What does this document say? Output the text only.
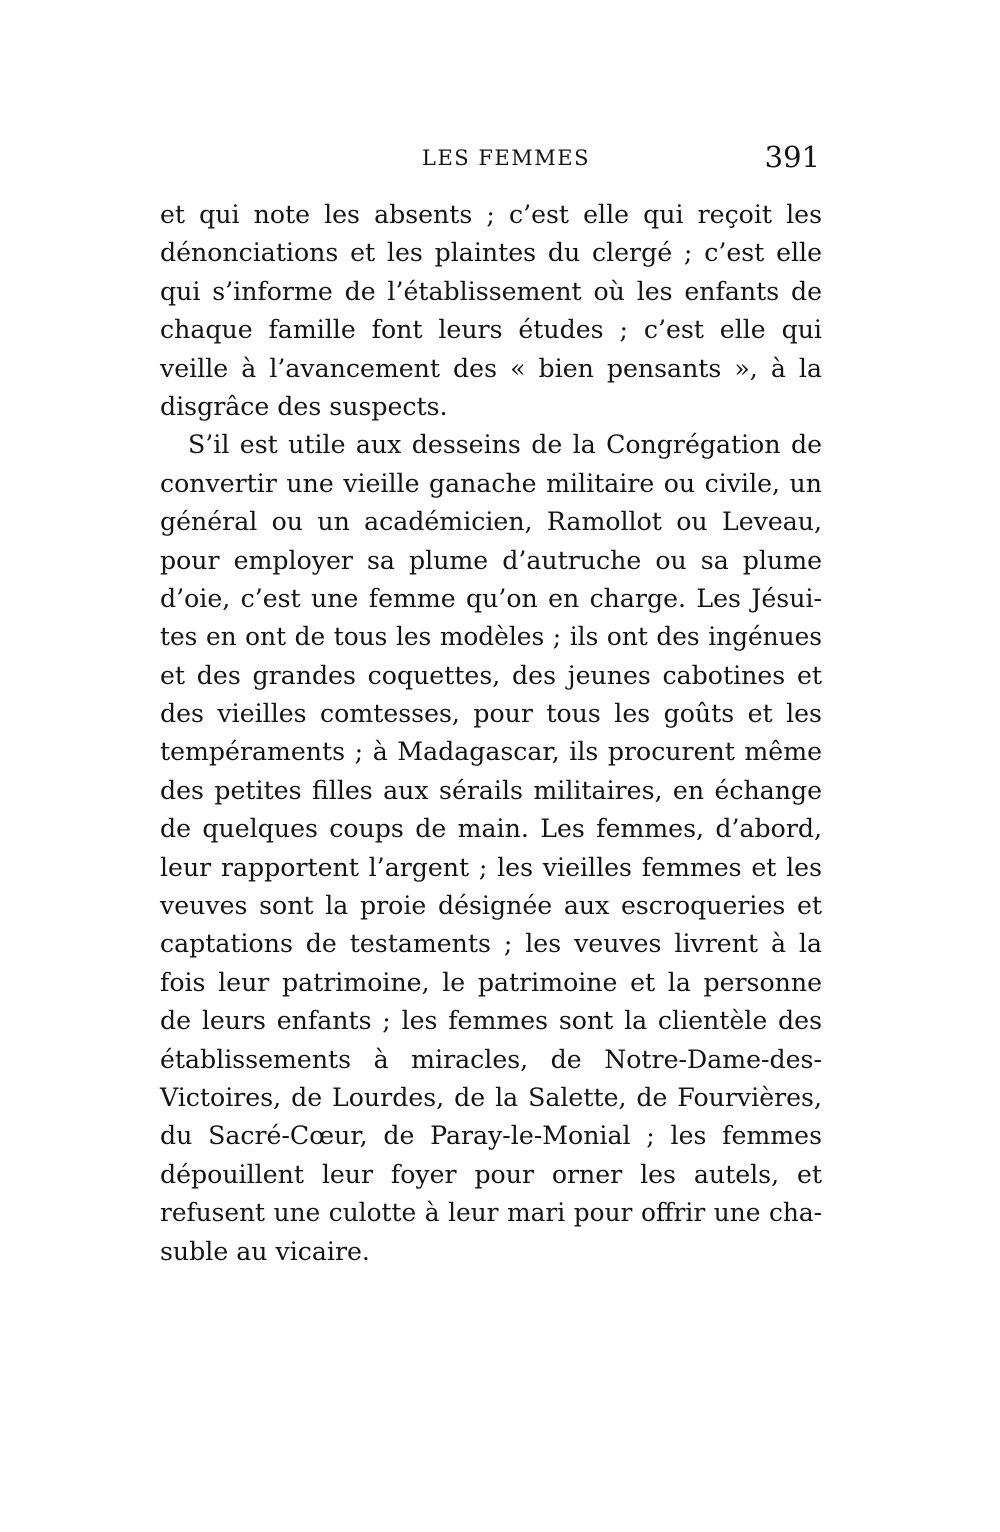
LES FEMMES	391
et qui note les absents ; c’est elle qui reçoit les
dénonciations et les plaintes du clergé ; c’est elle
qui s’informe de l’établissement où les enfants de
chaque famille font leurs études ; c’est elle qui
veille à l’avancement des « bien pensants », à la
disgrâce des suspects.
S’il est utile aux desseins de la Congrégation de
convertir une vieille ganache militaire ou civile, un
général ou un académicien, Ramollot ou Leveau,
pour employer sa plume d’autruche ou sa plume
d’oie, c’est une femme qu’on en charge. Les Jésui-
tes en ont de tous les modèles ; ils ont des ingénues
et des grandes coquettes, des jeunes cabotines et
des vieilles comtesses, pour tous les goûts et les
tempéraments ; à Madagascar, ils procurent même
des petites filles aux sérails militaires, en échange
de quelques coups de main. Les femmes, d’abord,
leur rapportent l’argent ; les vieilles femmes et les
veuves sont la proie désignée aux escroqueries et
captations de testaments ; les veuves livrent à la
fois leur patrimoine, le patrimoine et la personne
de leurs enfants ; les femmes sont la clientèle des
établissements à miracles, de Notre-Dame-des-
Victoires, de Lourdes, de la Salette, de Fourvières,
du Sacré-Cœur, de Paray-le-Monial ; les femmes
dépouillent leur foyer pour orner les autels, et
refusent une culotte à leur mari pour offrir une cha-
suble au vicaire.
